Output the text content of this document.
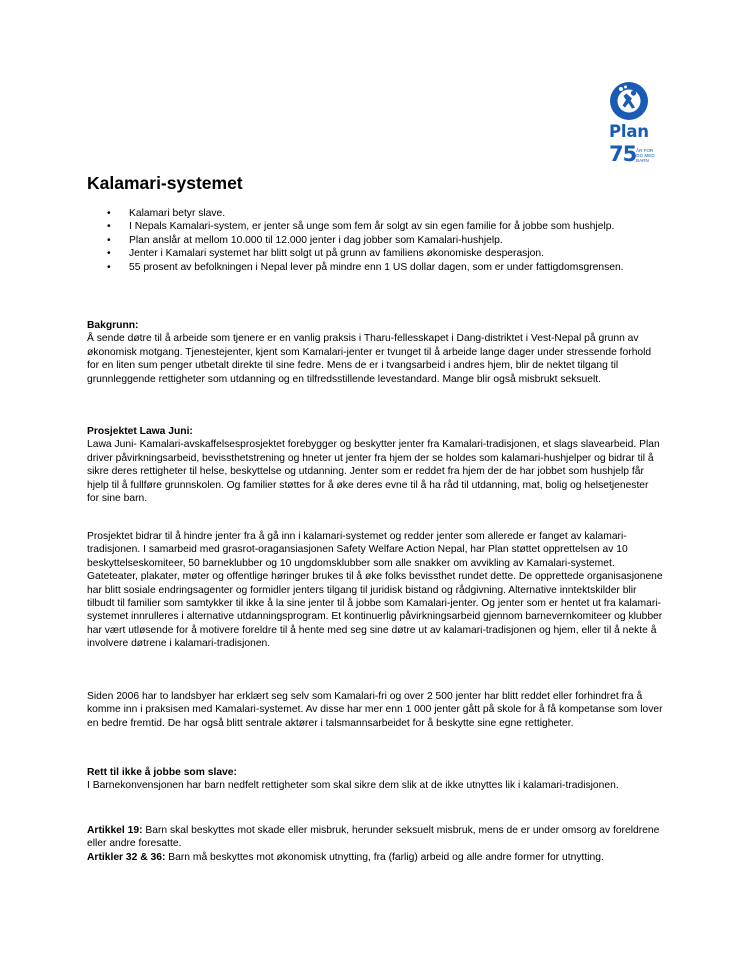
Plan
75 ÅR FOR
OG MED
BARN
Kalamari-systemet
• Kalamari betyr slave.
• I Nepals Kamalari-system, er jenter så unge som fem år solgt av sin egen familie for å jobbe som hushjelp.
• Plan anslår at mellom 10.000 til 12.000 jenter i dag jobber som Kamalari-hushjelp.
• Jenter i Kamalari systemet har blitt solgt ut på grunn av familiens økonomiske desperasjon.
• 55 prosent av befolkningen i Nepal lever på mindre enn 1 US dollar dagen, som er under fattigdomsgrensen.

Bakgrunn:

Å sende døtre til å arbeide som tjenere er en vanlig praksis i Tharu-fellesskapet i Dang-distriktet i Vest-Nepal på grunn av økonomisk motgang. Tjenestejenter, kjent som Kamalari-jenter er tvunget til å arbeide lange dager under stressende forhold for en liten sum penger utbetalt direkte til sine fedre. Mens de er i tvangsarbeid i andres hjem, blir de nektet tilgang til grunnleggende rettigheter som utdanning og en tilfredsstillende levestandard. Mange blir også misbrukt seksuelt.

Prosjektet Lawa Juni:

Lawa Juni- Kamalari-avskaffelsesprosjektet forebygger og beskytter jenter fra Kamalari-tradisjonen, et slags slavearbeid. Plan driver påvirkningsarbeid, bevissthetstrening og hneter ut jenter fra hjem der se holdes som kalamari-hushjelper og bidrar til å sikre deres rettigheter til helse, beskyttelse og utdanning. Jenter som er reddet fra hjem der de har jobbet som hushjelp får hjelp til å fullføre grunnskolen. Og familier støttes for å øke deres evne til å ha råd til utdanning, mat, bolig og helsetjenester for sine barn.

Prosjektet bidrar til å hindre jenter fra å gå inn i kalamari-systemet og redder jenter som allerede er fanget av kalamari-tradisjonen. I samarbeid med grasrot-oragansiasjonen Safety Welfare Action Nepal, har Plan støttet opprettelsen av 10 beskyttelseskomiteer, 50 barneklubber og 10 ungdomsklubber som alle snakker om avvikling av Kamalari-systemet. Gateteater, plakater, møter og offentlige høringer brukes til å øke folks bevissthet rundet dette. De opprettede organisasjonene har blitt sosiale endringsagenter og formidler jenters tilgang til juridisk bistand og rådgivning. Alternative inntektskilder blir tilbudt til familier som samtykker til ikke å la sine jenter til å jobbe som Kamalari-jenter. Og jenter som er hentet ut fra kalamari-systemet innrulleres i alternative utdanningsprogram. Et kontinuerlig påvirkningsarbeid gjennom barnevernkomiteer og klubber har vært utløsende for å motivere foreldre til å hente med seg sine døtre ut av kalamari-tradisjonen og hjem, eller til å nekte å involvere døtrene i kalamari-tradisjonen.

Siden 2006 har to landsbyer har erklært seg selv som Kamalari-fri og over 2 500 jenter har blitt reddet eller forhindret fra å komme inn i praksisen med Kamalari-systemet. Av disse har mer enn 1 000 jenter gått på skole for å få kompetanse som lover en bedre fremtid. De har også blitt sentrale aktører i talsmannsarbeidet for å beskytte sine egne rettigheter.

Rett til ikke å jobbe som slave:

I Barnekonvensjonen har barn nedfelt rettigheter som skal sikre dem slik at de ikke utnyttes lik i kalamari-tradisjonen.

Artikkel 19: Barn skal beskyttes mot skade eller misbruk, herunder seksuelt misbruk, mens de er under omsorg av foreldrene eller andre foresatte.

Artikler 32 & 36: Barn må beskyttes mot økonomisk utnytting, fra (farlig) arbeid og alle andre former for utnytting.
